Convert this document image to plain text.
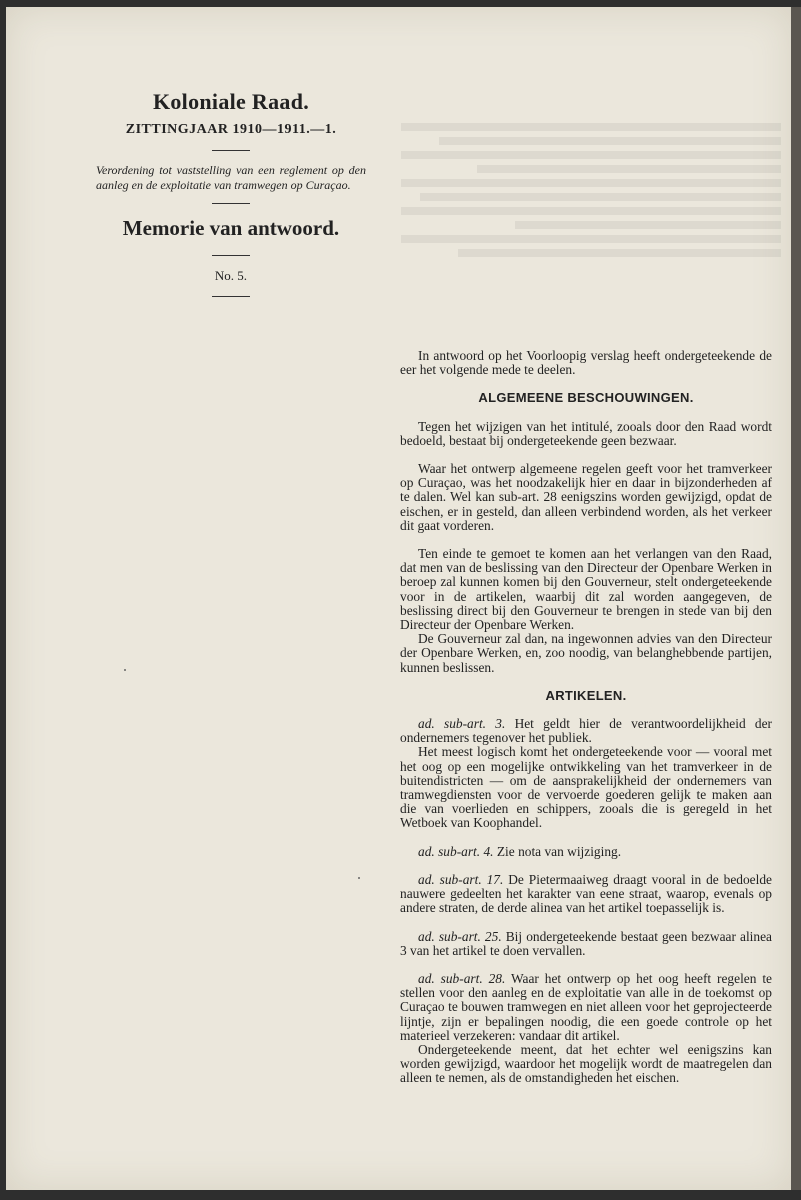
Koloniale Raad.
ZITTINGJAAR 1910—1911.—1.
Verordening tot vaststelling van een reglement op den aanleg en de exploitatie van tramwegen op Curaçao.
Memorie van antwoord.
No. 5.

In antwoord op het Voorloopig verslag heeft ondergeteekende de eer het volgende mede te deelen.

ALGEMEENE BESCHOUWINGEN.

Tegen het wijzigen van het intitulé, zooals door den Raad wordt bedoeld, bestaat bij ondergeteekende geen bezwaar.

Waar het ontwerp algemeene regelen geeft voor het tramverkeer op Curaçao, was het noodzakelijk hier en daar in bijzonderheden af te dalen. Wel kan sub-art. 28 eenigszins worden gewijzigd, opdat de eischen, er in gesteld, dan alleen verbindend worden, als het verkeer dit gaat vorderen.

Ten einde te gemoet te komen aan het verlangen van den Raad, dat men van de beslissing van den Directeur der Openbare Werken in beroep zal kunnen komen bij den Gouverneur, stelt ondergeteekende voor in de artikelen, waarbij dit zal worden aangegeven, de beslissing direct bij den Gouverneur te brengen in stede van bij den Directeur der Openbare Werken.

De Gouverneur zal dan, na ingewonnen advies van den Directeur der Openbare Werken, en, zoo noodig, van belanghebbende partijen, kunnen beslissen.

ARTIKELEN.

ad. sub-art. 3. Het geldt hier de verantwoordelijkheid der ondernemers tegenover het publiek.

Het meest logisch komt het ondergeteekende voor — vooral met het oog op een mogelijke ontwikkeling van het tramverkeer in de buitendistricten — om de aansprakelijkheid der ondernemers van tramwegdiensten voor de vervoerde goederen gelijk te maken aan die van voerlieden en schippers, zooals die is geregeld in het Wetboek van Koophandel.

ad. sub-art. 4. Zie nota van wijziging.

ad. sub-art. 17. De Pietermaaiweg draagt vooral in de bedoelde nauwere gedeelten het karakter van eene straat, waarop, evenals op andere straten, de derde alinea van het artikel toepasselijk is.

ad. sub-art. 25. Bij ondergeteekende bestaat geen bezwaar alinea 3 van het artikel te doen vervallen.

ad. sub-art. 28. Waar het ontwerp op het oog heeft regelen te stellen voor den aanleg en de exploitatie van alle in de toekomst op Curaçao te bouwen tramwegen en niet alleen voor het geprojecteerde lijntje, zijn er bepalingen noodig, die een goede controle op het materieel verzekeren: vandaar dit artikel.

Ondergeteekende meent, dat het echter wel eenigszins kan worden gewijzigd, waardoor het mogelijk wordt de maatregelen dan alleen te nemen, als de omstandigheden het eischen.
